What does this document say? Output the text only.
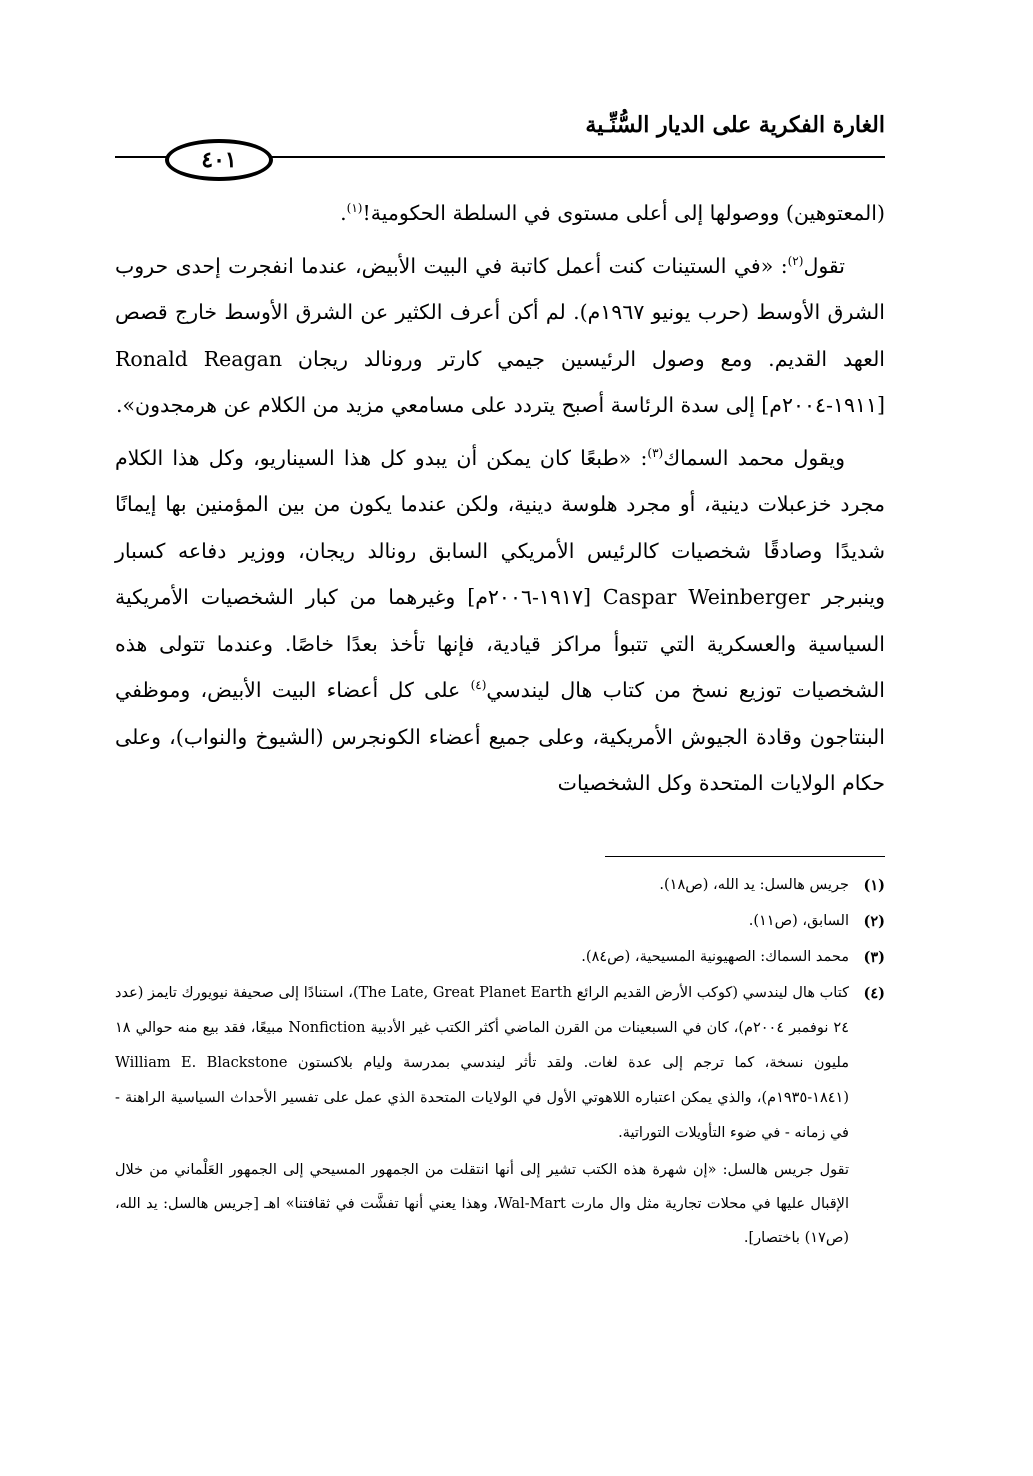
الغارة الفكرية على الديار السُّنِّـية
٤٠١

(المعتوهين) ووصولها إلى أعلى مستوى في السلطة الحكومية!$^{(١)}$.

تقول$^{(٢)}$: «في الستينات كنت أعمل كاتبة في البيت الأبيض، عندما انفجرت إحدى حروب الشرق الأوسط (حرب يونيو ١٩٦٧م). لم أكن أعرف الكثير عن الشرق الأوسط خارج قصص العهد القديم. ومع وصول الرئيسين جيمي كارتر ورونالد ريجان Ronald Reagan [١٩١١-٢٠٠٤م] إلى سدة الرئاسة أصبح يتردد على مسامعي مزيد من الكلام عن هرمجدون».

ويقول محمد السماك$^{(٣)}$: «طبعًا كان يمكن أن يبدو كل هذا السيناريو، وكل هذا الكلام مجرد خزعبلات دينية، أو مجرد هلوسة دينية، ولكن عندما يكون من بين المؤمنين بها إيمانًا شديدًا وصادقًا شخصيات كالرئيس الأمريكي السابق رونالد ريجان، ووزير دفاعه كسبار وينبرجر Caspar Weinberger [١٩١٧-٢٠٠٦م] وغيرهما من كبار الشخصيات الأمريكية السياسية والعسكرية التي تتبوأ مراكز قيادية، فإنها تأخذ بعدًا خاصًا. وعندما تتولى هذه الشخصيات توزيع نسخ من كتاب هال ليندسي$^{(٤)}$ على كل أعضاء البيت الأبيض، وموظفي البنتاجون وقادة الجيوش الأمريكية، وعلى جميع أعضاء الكونجرس (الشيوخ والنواب)، وعلى حكام الولايات المتحدة وكل الشخصيات

(١)
جريس هالسل: يد الله، (ص١٨).
(٢)
السابق، (ص١١).
(٣)
محمد السماك: الصهيونية المسيحية، (ص٨٤).
(٤)
كتاب هال ليندسي (كوكب الأرض القديم الرائع The Late, Great Planet Earth)، استنادًا إلى صحيفة نيويورك تايمز (عدد ٢٤ نوفمبر ٢٠٠٤م)، كان في السبعينات من القرن الماضي أكثر الكتب غير الأدبية Nonfiction مبيعًا، فقد بيع منه حوالي ١٨ مليون نسخة، كما ترجم إلى عدة لغات. ولقد تأثر ليندسي بمدرسة وليام بلاكستون William E. Blackstone (١٨٤١-١٩٣٥م)، والذي يمكن اعتباره اللاهوتي الأول في الولايات المتحدة الذي عمل على تفسير الأحداث السياسية الراهنة - في زمانه - في ضوء التأويلات التوراتية.
تقول جريس هالسل: «إن شهرة هذه الكتب تشير إلى أنها انتقلت من الجمهور المسيحي إلى الجمهور العَلْماني من خلال الإقبال عليها في محلات تجارية مثل وال مارت Wal-Mart، وهذا يعني أنها تفشَّت في ثقافتنا» اهـ [جريس هالسل: يد الله، (ص١٧) باختصار].
